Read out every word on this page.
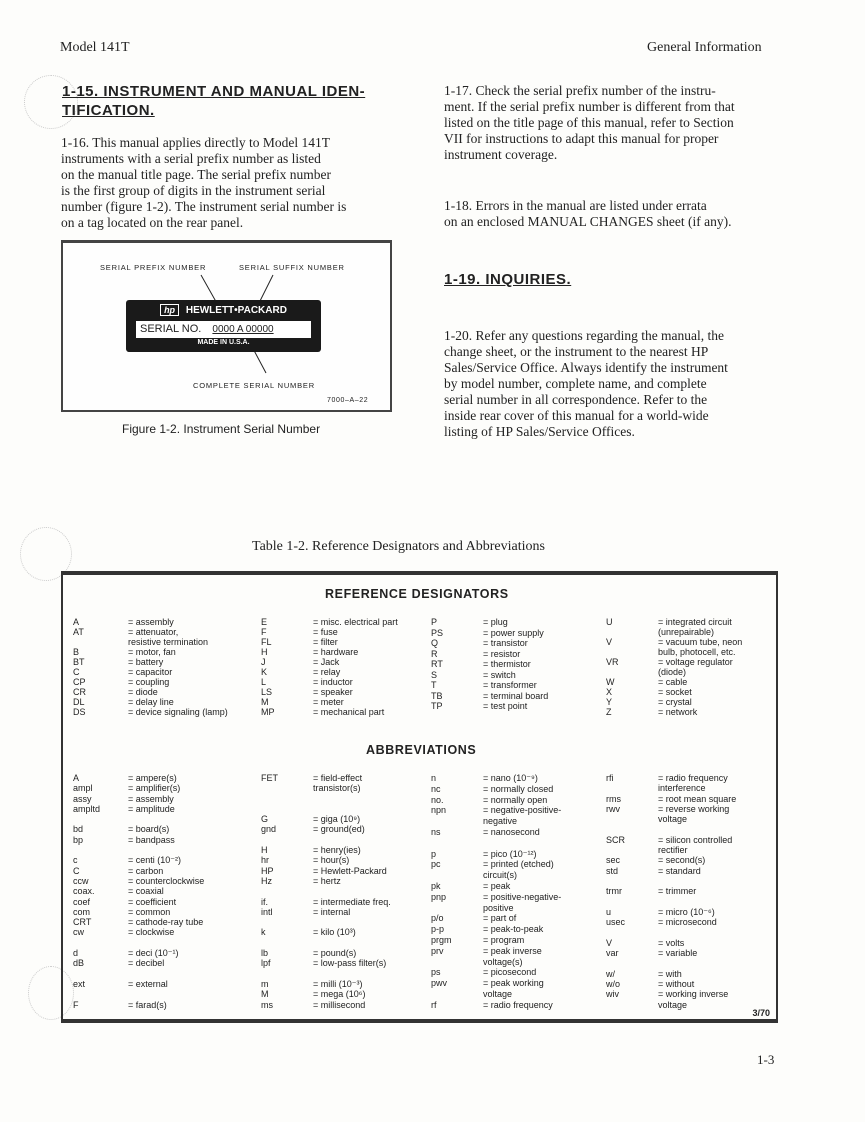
Model 141T	General Information
1-15. INSTRUMENT AND MANUAL IDEN-
TIFICATION.
1-16. This manual applies directly to Model 141T
instruments with a serial prefix number as listed
on the manual title page. The serial prefix number
is the first group of digits in the instrument serial
number (figure 1-2). The instrument serial number is
on a tag located on the rear panel.
SERIAL PREFIX NUMBER	SERIAL SUFFIX NUMBER
hp HEWLETT•PACKARD
SERIAL NO. 0000 A 00000
MADE IN U.S.A.
COMPLETE SERIAL NUMBER
7000–A–22
Figure 1-2. Instrument Serial Number
1-17. Check the serial prefix number of the instru-
ment. If the serial prefix number is different from that
listed on the title page of this manual, refer to Section
VII for instructions to adapt this manual for proper
instrument coverage.
1-18. Errors in the manual are listed under errata
on an enclosed MANUAL CHANGES sheet (if any).
1-19. INQUIRIES.
1-20. Refer any questions regarding the manual, the
change sheet, or the instrument to the nearest HP
Sales/Service Office. Always identify the instrument
by model number, complete name, and complete
serial number in all correspondence. Refer to the
inside rear cover of this manual for a world-wide
listing of HP Sales/Service Offices.
Table 1-2. Reference Designators and Abbreviations
REFERENCE DESIGNATORS
ABBREVIATIONS
A	= assembly
AT	= attenuator,
resistive termination
B	= motor, fan
BT	= battery
C	= capacitor
CP	= coupling
CR	= diode
DL	= delay line
DS	= device signaling (lamp)
E	= misc. electrical part
F	= fuse
FL	= filter
H	= hardware
J	= Jack
K	= relay
L	= inductor
LS	= speaker
M	= meter
MP	= mechanical part
P	= plug
PS	= power supply
Q	= transistor
R	= resistor
RT	= thermistor
S	= switch
T	= transformer
TB	= terminal board
TP	= test point
U	= integrated circuit
(unrepairable)
V	= vacuum tube, neon
bulb, photocell, etc.
VR	= voltage regulator
(diode)
W	= cable
X	= socket
Y	= crystal
Z	= network
A	= ampere(s)
ampl	= amplifier(s)
assy	= assembly
ampltd	= amplitude
bd	= board(s)
bp	= bandpass
c	= centi (10⁻²)
C	= carbon
ccw	= counterclockwise
coax.	= coaxial
coef	= coefficient
com	= common
CRT	= cathode-ray tube
cw	= clockwise
d	= deci (10⁻¹)
dB	= decibel
ext	= external
F	= farad(s)
FET	= field-effect
transistor(s)
G	= giga (10⁹)
gnd	= ground(ed)
H	= henry(ies)
hr	= hour(s)
HP	= Hewlett-Packard
Hz	= hertz
if.	= intermediate freq.
intl	= internal
k	= kilo (10³)
lb	= pound(s)
lpf	= low-pass filter(s)
m	= milli (10⁻³)
M	= mega (10⁶)
ms	= millisecond
n	= nano (10⁻⁹)
nc	= normally closed
no.	= normally open
npn	= negative-positive-
negative
ns	= nanosecond
p	= pico (10⁻¹²)
pc	= printed (etched)
circuit(s)
pk	= peak
pnp	= positive-negative-
positive
p/o	= part of
p-p	= peak-to-peak
prgm	= program
prv	= peak inverse
voltage(s)
ps	= picosecond
pwv	= peak working
voltage
rf	= radio frequency
rfi	= radio frequency
interference
rms	= root mean square
rwv	= reverse working
voltage
SCR	= silicon controlled
rectifier
sec	= second(s)
std	= standard
trmr	= trimmer
u	= micro (10⁻⁶)
usec	= microsecond
V	= volts
var	= variable
w/	= with
w/o	= without
wiv	= working inverse
voltage
3/70
1-3
